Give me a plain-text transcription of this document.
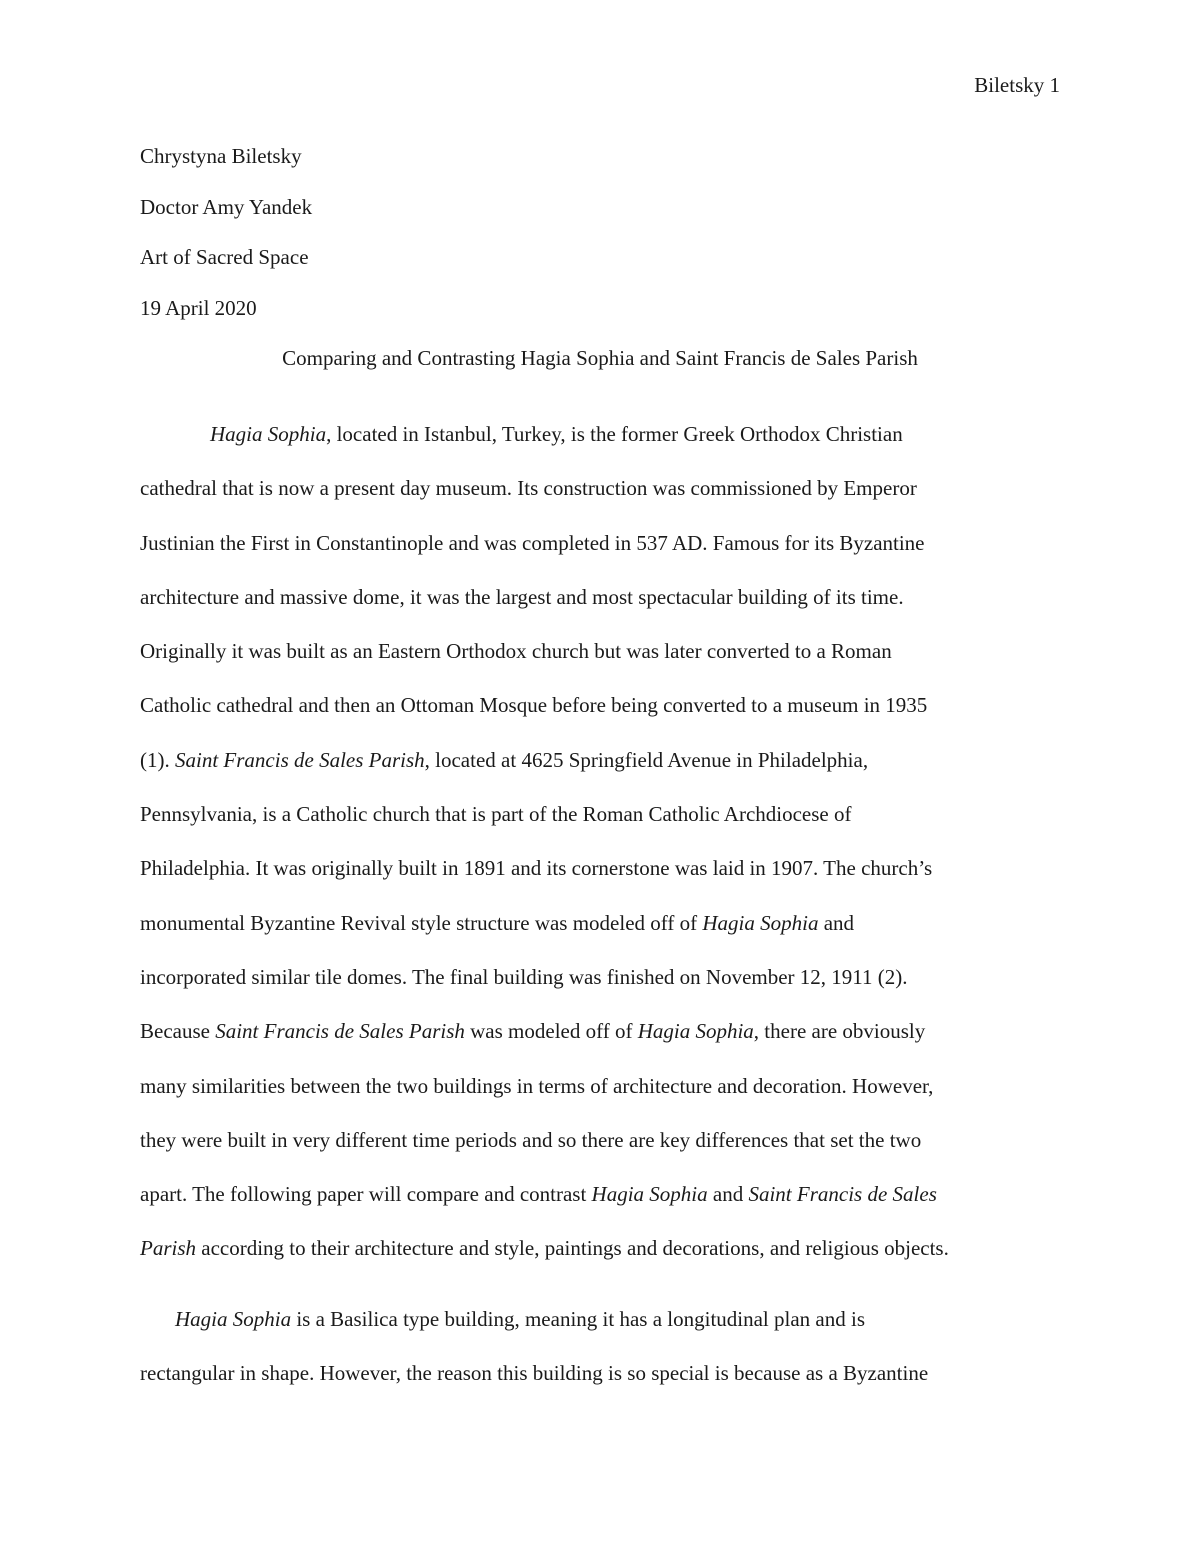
Biletsky 1
Chrystyna Biletsky
Doctor Amy Yandek
Art of Sacred Space
19 April 2020
Comparing and Contrasting Hagia Sophia and Saint Francis de Sales Parish
Hagia Sophia, located in Istanbul, Turkey, is the former Greek Orthodox Christian
cathedral that is now a present day museum. Its construction was commissioned by Emperor
Justinian the First in Constantinople and was completed in 537 AD. Famous for its Byzantine
architecture and massive dome, it was the largest and most spectacular building of its time.
Originally it was built as an Eastern Orthodox church but was later converted to a Roman
Catholic cathedral and then an Ottoman Mosque before being converted to a museum in 1935
(1). Saint Francis de Sales Parish, located at 4625 Springfield Avenue in Philadelphia,
Pennsylvania, is a Catholic church that is part of the Roman Catholic Archdiocese of
Philadelphia. It was originally built in 1891 and its cornerstone was laid in 1907. The church’s
monumental Byzantine Revival style structure was modeled off of Hagia Sophia and
incorporated similar tile domes. The final building was finished on November 12, 1911 (2).
Because Saint Francis de Sales Parish was modeled off of Hagia Sophia, there are obviously
many similarities between the two buildings in terms of architecture and decoration. However,
they were built in very different time periods and so there are key differences that set the two
apart. The following paper will compare and contrast Hagia Sophia and Saint Francis de Sales
Parish according to their architecture and style, paintings and decorations, and religious objects.
Hagia Sophia is a Basilica type building, meaning it has a longitudinal plan and is
rectangular in shape. However, the reason this building is so special is because as a Byzantine
